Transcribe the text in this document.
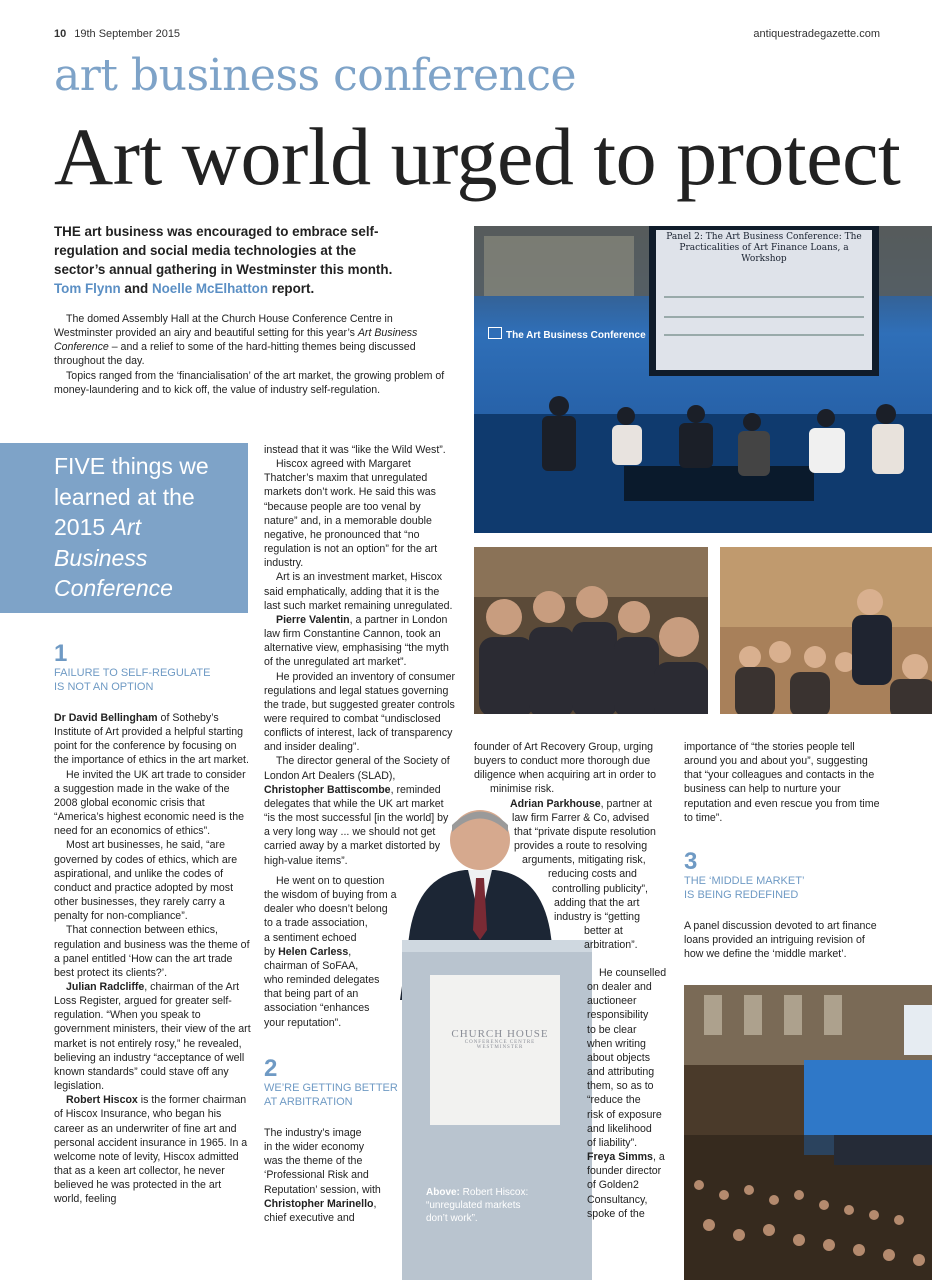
10 19th September 2015	antiquestradegazette.com
art business conference
Art world urged to protect
THE art business was encouraged to embrace self-regulation and social media technologies at the sector’s annual gathering in Westminster this month. Tom Flynn and Noelle McElhatton report.

The domed Assembly Hall at the Church House Conference Centre in Westminster provided an airy and beautiful setting for this year’s Art Business Conference – and a relief to some of the hard-hitting themes being discussed throughout the day.

Topics ranged from the ‘financialisation’ of the art market, the growing problem of money-laundering and to kick off, the value of industry self-regulation.

Panel 2: The Art Business Conference: The Practicalities of Art Finance Loans, a Workshop
The Art Business Conference
FIVE things we
learned at the
2015 Art
Business
Conference
1
FAILURE TO SELF-REGULATE
IS NOT AN OPTION

Dr David Bellingham of Sotheby’s Institute of Art provided a helpful starting point for the conference by focusing on the importance of ethics in the art market.

He invited the UK art trade to consider a suggestion made in the wake of the 2008 global economic crisis that “America’s highest economic need is the need for an economics of ethics”.

Most art businesses, he said, “are governed by codes of ethics, which are aspirational, and unlike the codes of conduct and practice adopted by most other businesses, they rarely carry a penalty for non-compliance”.

That connection between ethics, regulation and business was the theme of a panel entitled ‘How can the art trade best protect its clients?’.

Julian Radcliffe, chairman of the Art Loss Register, argued for greater self-regulation. “When you speak to government ministers, their view of the art market is not entirely rosy,” he revealed, believing an industry “acceptance of well known standards” could stave off any legislation.

Robert Hiscox is the former chairman of Hiscox Insurance, who began his career as an underwriter of fine art and personal accident insurance in 1965. In a welcome note of levity, Hiscox admitted that as a keen art collector, he never believed he was protected in the art world, feeling

instead that it was “like the Wild West”.

Hiscox agreed with Margaret Thatcher’s maxim that unregulated markets don’t work. He said this was “because people are too venal by nature” and, in a memorable double negative, he pronounced that “no regulation is not an option” for the art industry.

Art is an investment market, Hiscox said emphatically, adding that it is the last such market remaining unregulated.

Pierre Valentin, a partner in London law firm Constantine Cannon, took an alternative view, emphasising “the myth of the unregulated art market”.

He provided an inventory of consumer regulations and legal statues governing the trade, but suggested greater controls were required to combat “undisclosed conflicts of interest, lack of transparency and insider dealing”.

The director general of the Society of London Art Dealers (SLAD), Christopher Battiscombe, reminded delegates that while the UK art market “is the most successful [in the world] by a very long way ... we should not get carried away by a market distorted by high-value items”.

He went on to question

the wisdom of buying from a

dealer who doesn’t belong

to a trade association,

a sentiment echoed

by Helen Carless,

chairman of SoFAA,

who reminded delegates

that being part of an

association “enhances

your reputation”.

2
WE’RE GETTING BETTER
AT ARBITRATION

The industry’s image

in the wider economy

was the theme of the

‘Professional Risk and

Reputation’ session, with

Christopher Marinello,

chief executive and

CHURCH HOUSE
CONFERENCE CENTRE
WESTMINSTER
Above: Robert Hiscox: “unregulated markets don’t work”.

founder of Art Recovery Group, urging

buyers to conduct more thorough due

diligence when acquiring art in order to

minimise risk.

Adrian Parkhouse, partner at

law firm Farrer & Co, advised

that “private dispute resolution

provides a route to resolving

arguments, mitigating risk,

reducing costs and

controlling publicity”,

adding that the art

industry is “getting

better at

arbitration”.

He counselled

on dealer and

auctioneer

responsibility

to be clear

when writing

about objects

and attributing

them, so as to

“reduce the

risk of exposure

and likelihood

of liability”.

Freya Simms, a

founder director

of Golden2

Consultancy,

spoke of the

importance of “the stories people tell around you and about you”, suggesting that “your colleagues and contacts in the business can help to nurture your reputation and even rescue you from time to time”.

3
THE ‘MIDDLE MARKET’
IS BEING REDEFINED

A panel discussion devoted to art finance loans provided an intriguing revision of how we define the ‘middle market’.
